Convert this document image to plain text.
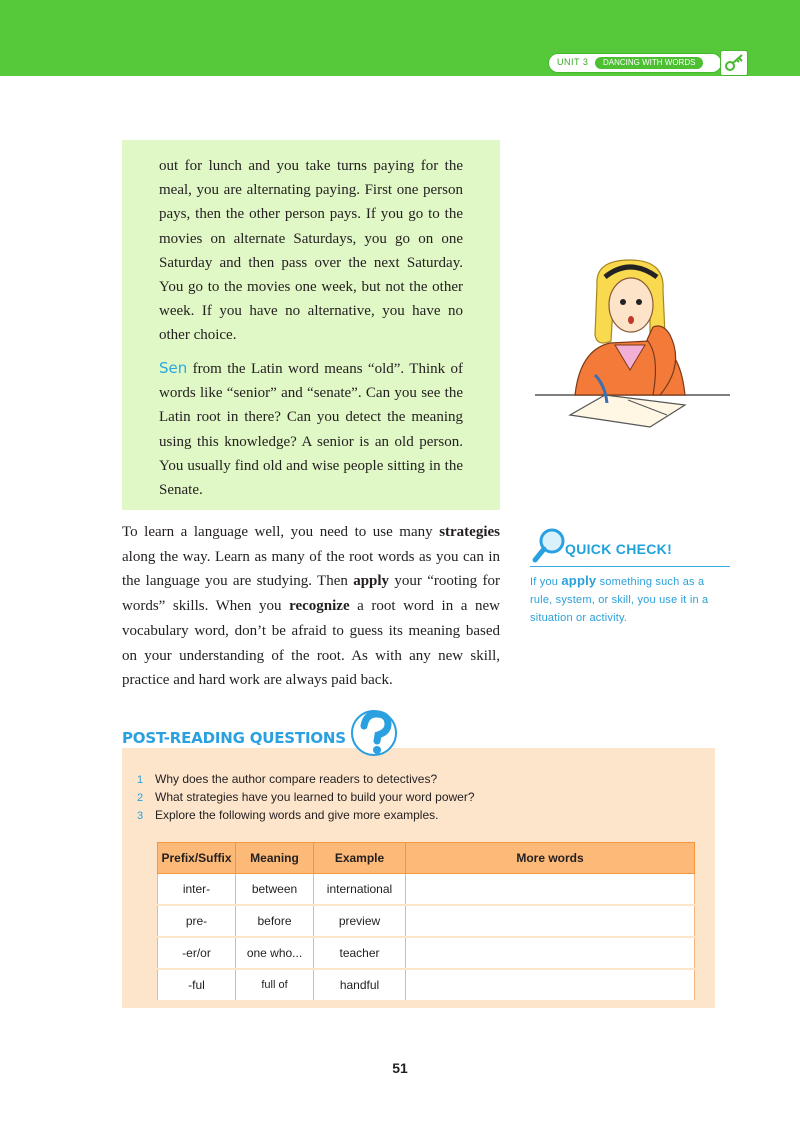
UNIT 3	DANCING WITH WORDS

out for lunch and you take turns paying for the meal, you are alternating paying. First one person pays, then the other person pays. If you go to the movies on alternate Saturdays, you go on one Saturday and then pass over the next Saturday. You go to the movies one week, but not the other week. If you have no alternative, you have no other choice.

Sen from the Latin word means “old”. Think of words like “senior” and “senate”. Can you see the Latin root in there? Can you detect the meaning using this knowledge? A senior is an old person. You usually find old and wise people sitting in the Senate.

To learn a language well, you need to use many strategies along the way. Learn as many of the root words as you can in the language you are studying. Then apply your “rooting for words” skills. When you recognize a root word in a new vocabulary word, don’t be afraid to guess its meaning based on your understanding of the root. As with any new skill, practice and hard work are always paid back.

QUICK CHECK!

If you apply something such as a rule, system, or skill, you use it in a situation or activity.

1 Why does the author compare readers to detectives?
2 What strategies have you learned to build your word power?
3 Explore the following words and give more examples.
Prefix/Suffix	Meaning	Example	More words
inter-	between	international	
pre-	before	preview	
-er/or	one who...	teacher	
-ful	full of	handful	
POST-READING QUESTIONS
51
